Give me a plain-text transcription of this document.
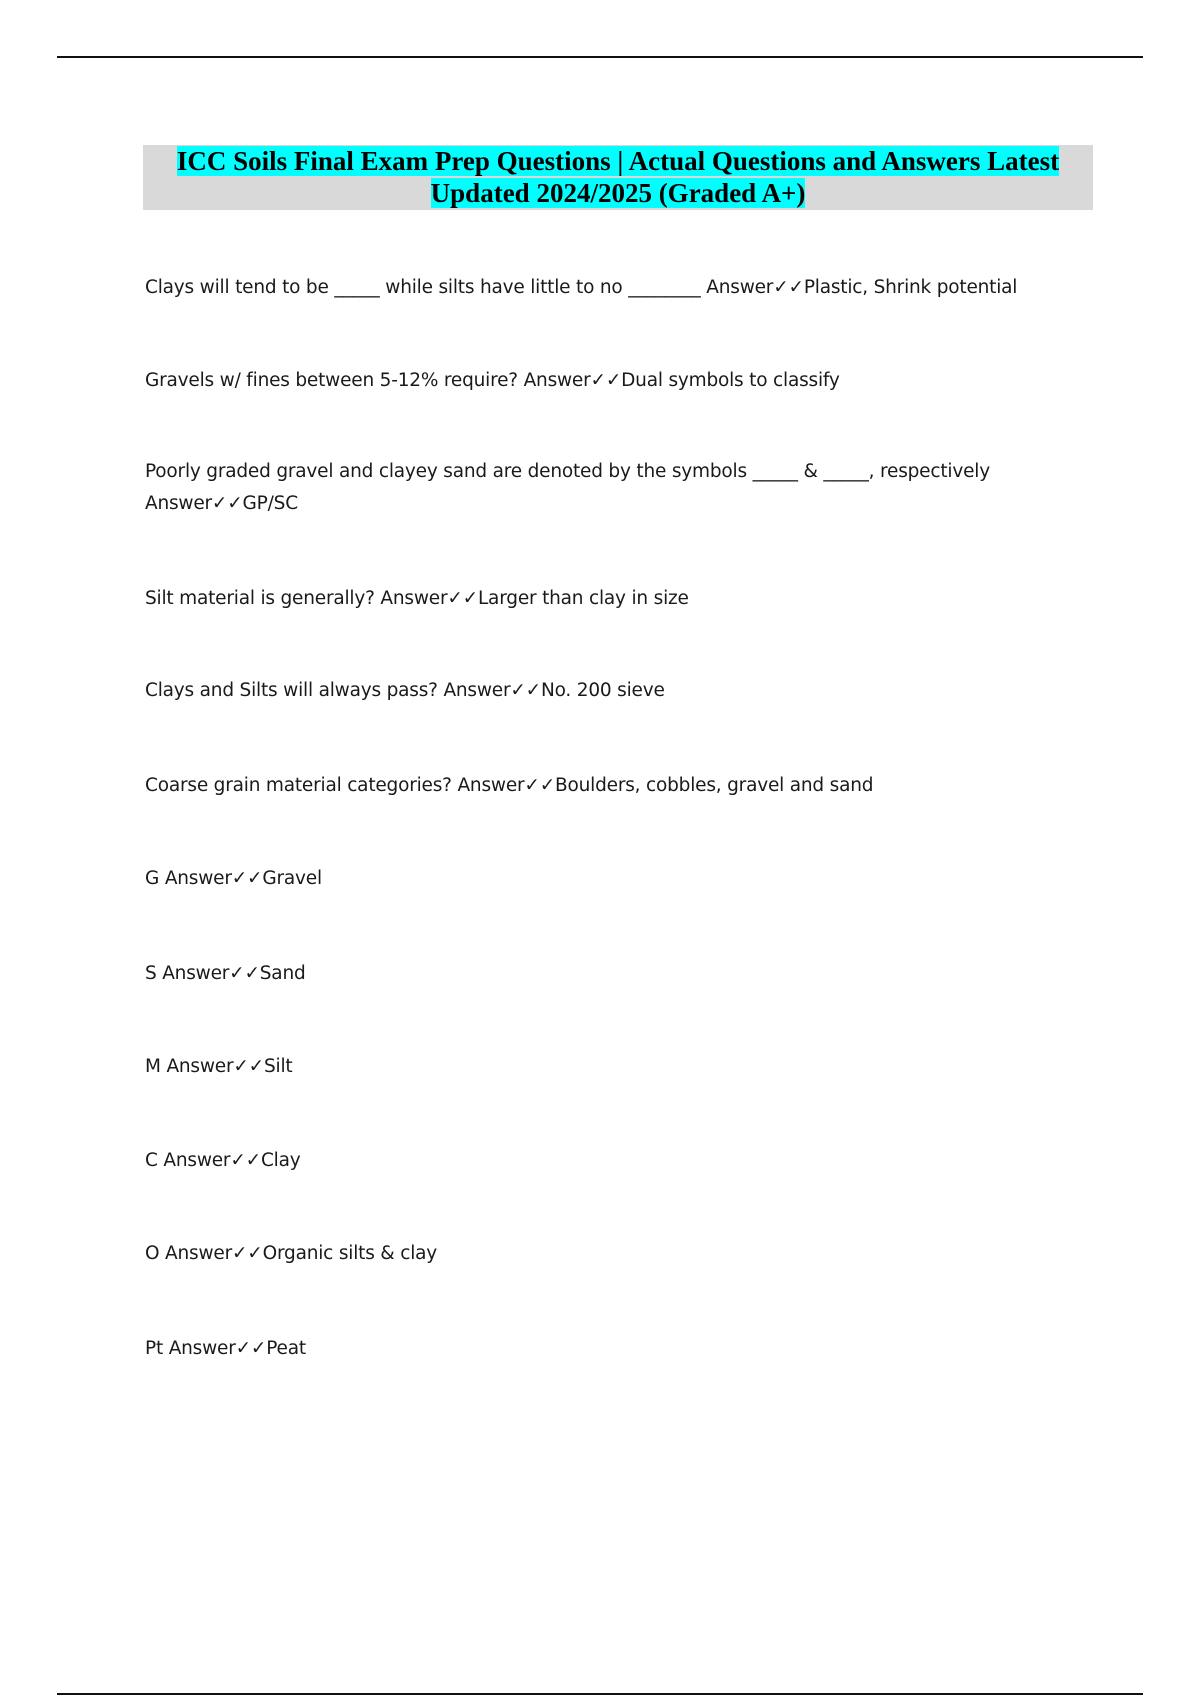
ICC Soils Final Exam Prep Questions | Actual Questions and Answers Latest Updated 2024/2025 (Graded A+)

Clays will tend to be _____ while silts have little to no ________ Answer✓✓Plastic, Shrink potential

Gravels w/ fines between 5-12% require? Answer✓✓Dual symbols to classify

Poorly graded gravel and clayey sand are denoted by the symbols _____ & _____, respectively Answer✓✓GP/SC

Silt material is generally? Answer✓✓Larger than clay in size

Clays and Silts will always pass? Answer✓✓No. 200 sieve

Coarse grain material categories? Answer✓✓Boulders, cobbles, gravel and sand

G Answer✓✓Gravel

S Answer✓✓Sand

M Answer✓✓Silt

C Answer✓✓Clay

O Answer✓✓Organic silts & clay

Pt Answer✓✓Peat
